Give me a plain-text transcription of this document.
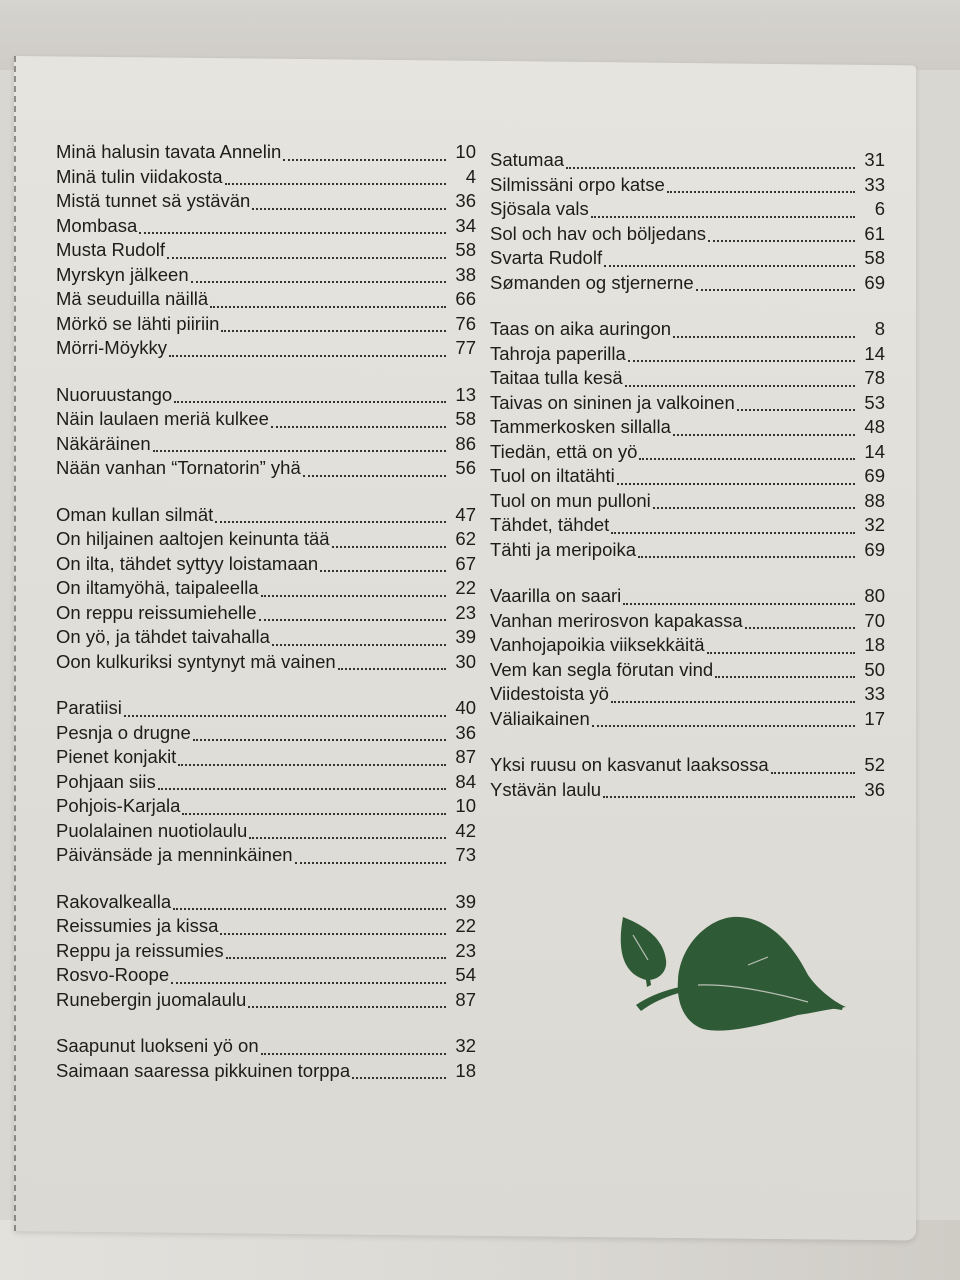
Minä halusin tavata Annelin	10
Minä tulin viidakosta	4
Mistä tunnet sä ystävän	36
Mombasa	34
Musta Rudolf	58
Myrskyn jälkeen	38
Mä seuduilla näillä	66
Mörkö se lähti piiriin	76
Mörri-Möykky	77
Nuoruustango	13
Näin laulaen meriä kulkee	58
Näkäräinen	86
Nään vanhan “Tornatorin” yhä	56
Oman kullan silmät	47
On hiljainen aaltojen keinunta tää	62
On ilta, tähdet syttyy loistamaan	67
On iltamyöhä, taipaleella	22
On reppu reissumiehelle	23
On yö, ja tähdet taivahalla	39
Oon kulkuriksi syntynyt mä vainen	30
Paratiisi	40
Pesnja o drugne	36
Pienet konjakit	87
Pohjaan siis	84
Pohjois-Karjala	10
Puolalainen nuotiolaulu	42
Päivänsäde ja menninkäinen	73
Rakovalkealla	39
Reissumies ja kissa	22
Reppu ja reissumies	23
Rosvo-Roope	54
Runebergin juomalaulu	87
Saapunut luokseni yö on	32
Saimaan saaressa pikkuinen torppa	18
Satumaa	31
Silmissäni orpo katse	33
Sjösala vals	6
Sol och hav och böljedans	61
Svarta Rudolf	58
Sømanden og stjernerne	69
Taas on aika auringon	8
Tahroja paperilla	14
Taitaa tulla kesä	78
Taivas on sininen ja valkoinen	53
Tammerkosken sillalla	48
Tiedän, että on yö	14
Tuol on iltatähti	69
Tuol on mun pulloni	88
Tähdet, tähdet	32
Tähti ja meripoika	69
Vaarilla on saari	80
Vanhan merirosvon kapakassa	70
Vanhojapoikia viiksekkäitä	18
Vem kan segla förutan vind	50
Viidestoista yö	33
Väliaikainen	17
Yksi ruusu on kasvanut laaksossa	52
Ystävän laulu	36
